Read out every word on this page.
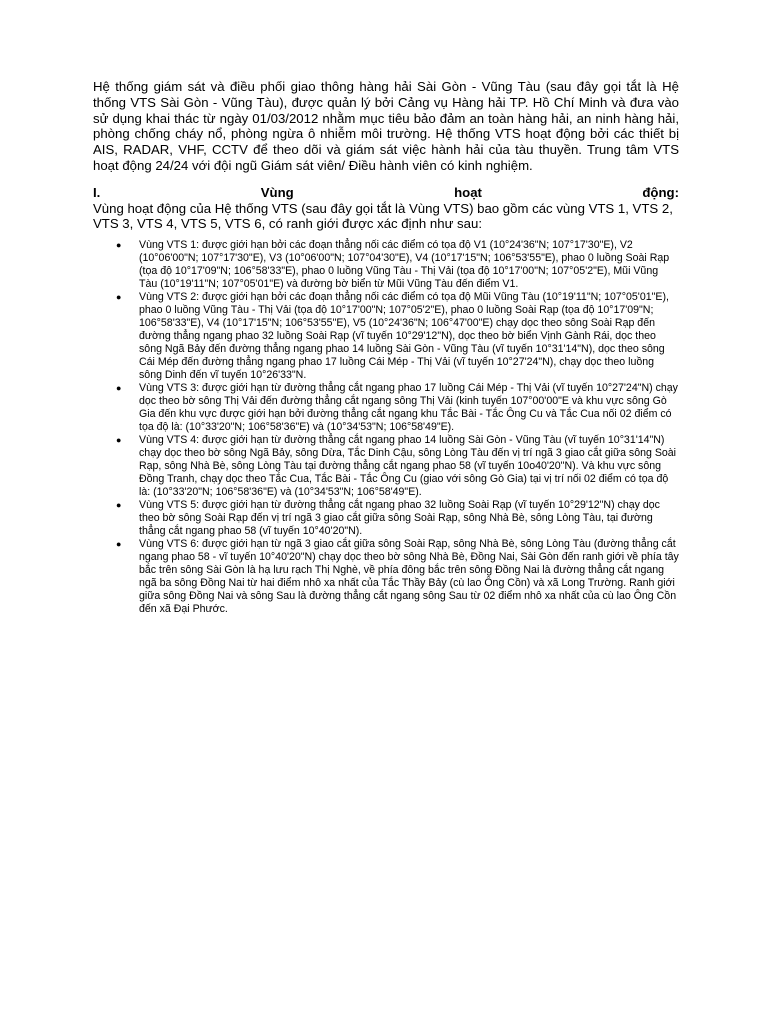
Hệ thống giám sát và điều phối giao thông hàng hải Sài Gòn - Vũng Tàu (sau đây gọi tắt là Hệ thống VTS Sài Gòn - Vũng Tàu), được quản lý bởi Cảng vụ Hàng hải TP. Hồ Chí Minh và đưa vào sử dụng khai thác từ ngày 01/03/2012 nhằm mục tiêu bảo đảm an toàn hàng hải, an ninh hàng hải, phòng chống cháy nổ, phòng ngừa ô nhiễm môi trường. Hệ thống VTS hoạt động bởi các thiết bị AIS, RADAR, VHF, CCTV để theo dõi và giám sát việc hành hải của tàu thuyền. Trung tâm VTS hoạt động 24/24 với đội ngũ Giám sát viên/ Điều hành viên có kinh nghiệm.

I.	Vùng	hoạt	động:

Vùng hoạt động của Hệ thống VTS (sau đây gọi tắt là Vùng VTS) bao gồm các vùng VTS 1, VTS 2, VTS 3, VTS 4, VTS 5, VTS 6, có ranh giới được xác định như sau:

● Vùng VTS 1: được giới hạn bởi các đoạn thẳng nối các điểm có tọa độ V1 (10°24'36"N; 107°17'30"E), V2 (10°06'00"N; 107°17'30"E), V3 (10°06'00"N; 107°04'30"E), V4 (10°17'15"N; 106°53'55"E), phao 0 luồng Soài Rạp (tọa độ 10°17'09"N; 106°58'33"E), phao 0 luồng Vũng Tàu - Thị Vải (tọa độ 10°17'00"N; 107°05'2"E), Mũi Vũng Tàu (10°19'11"N; 107°05'01"E) và đường bờ biển từ Mũi Vũng Tàu đến điểm V1.
● Vùng VTS 2: được giới hạn bởi các đoạn thẳng nối các điểm có tọa độ Mũi Vũng Tàu (10°19'11"N; 107°05'01"E), phao 0 luồng Vũng Tàu - Thị Vải (tọa độ 10°17'00"N; 107°05'2"E), phao 0 luồng Soài Rạp (tọa độ 10°17'09"N; 106°58'33"E), V4 (10°17'15"N; 106°53'55"E), V5 (10°24'36"N; 106°47'00"E) chạy dọc theo sông Soài Rạp đến đường thẳng ngang phao 32 luồng Soài Rạp (vĩ tuyến 10°29'12"N), dọc theo bờ biển Vịnh Gành Rái, dọc theo sông Ngã Bảy đến đường thẳng ngang phao 14 luồng Sài Gòn - Vũng Tàu (vĩ tuyến 10°31'14"N), dọc theo sông Cái Mép đến đường thẳng ngang phao 17 luồng Cái Mép - Thị Vải (vĩ tuyến 10°27'24"N), chạy dọc theo luồng sông Dinh đến vĩ tuyến 10°26'33"N.
● Vùng VTS 3: được giới hạn từ đường thẳng cắt ngang phao 17 luồng Cái Mép - Thị Vải (vĩ tuyến 10°27'24"N) chạy dọc theo bờ sông Thị Vải đến đường thẳng cắt ngang sông Thị Vải (kinh tuyến 107°00'00"E và khu vực sông Gò Gia đến khu vực được giới hạn bởi đường thẳng cắt ngang khu Tắc Bài - Tắc Ông Cu và Tắc Cua nối 02 điểm có tọa độ là: (10°33'20"N; 106°58'36"E) và (10°34'53"N; 106°58'49"E).
● Vùng VTS 4: được giới hạn từ đường thẳng cắt ngang phao 14 luồng Sài Gòn - Vũng Tàu (vĩ tuyến 10°31'14"N) chạy dọc theo bờ sông Ngã Bảy, sông Dừa, Tắc Dinh Cậu, sông Lòng Tàu đến vị trí ngã 3 giao cắt giữa sông Soài Rạp, sông Nhà Bè, sông Lòng Tàu tại đường thẳng cắt ngang phao 58 (vĩ tuyến 10o40'20"N). Và khu vực sông Đồng Tranh, chạy dọc theo Tắc Cua, Tắc Bài - Tắc Ông Cu (giao với sông Gò Gia) tại vị trí nối 02 điểm có tọa độ là: (10°33'20"N; 106°58'36"E) và (10°34'53"N; 106°58'49"E).
● Vùng VTS 5: được giới hạn từ đường thẳng cắt ngang phao 32 luồng Soài Rạp (vĩ tuyến 10°29'12"N) chạy dọc theo bờ sông Soài Rạp đến vị trí ngã 3 giao cắt giữa sông Soài Rạp, sông Nhà Bè, sông Lòng Tàu, tại đường thẳng cắt ngang phao 58 (vĩ tuyến 10°40'20"N).
● Vùng VTS 6: được giới hạn từ ngã 3 giao cắt giữa sông Soài Rạp, sông Nhà Bè, sông Lòng Tàu (đường thẳng cắt ngang phao 58 - vĩ tuyến 10°40'20"N) chạy dọc theo bờ sông Nhà Bè, Đồng Nai, Sài Gòn đến ranh giới về phía tây bắc trên sông Sài Gòn là hạ lưu rạch Thị Nghè, về phía đông bắc trên sông Đồng Nai là đường thẳng cắt ngang ngã ba sông Đồng Nai từ hai điểm nhô xa nhất của Tắc Thầy Bảy (cù lao Ông Cồn) và xã Long Trường. Ranh giới giữa sông Đồng Nai và sông Sau là đường thẳng cắt ngang sông Sau từ 02 điểm nhô xa nhất của cù lao Ông Cồn đến xã Đại Phước.
